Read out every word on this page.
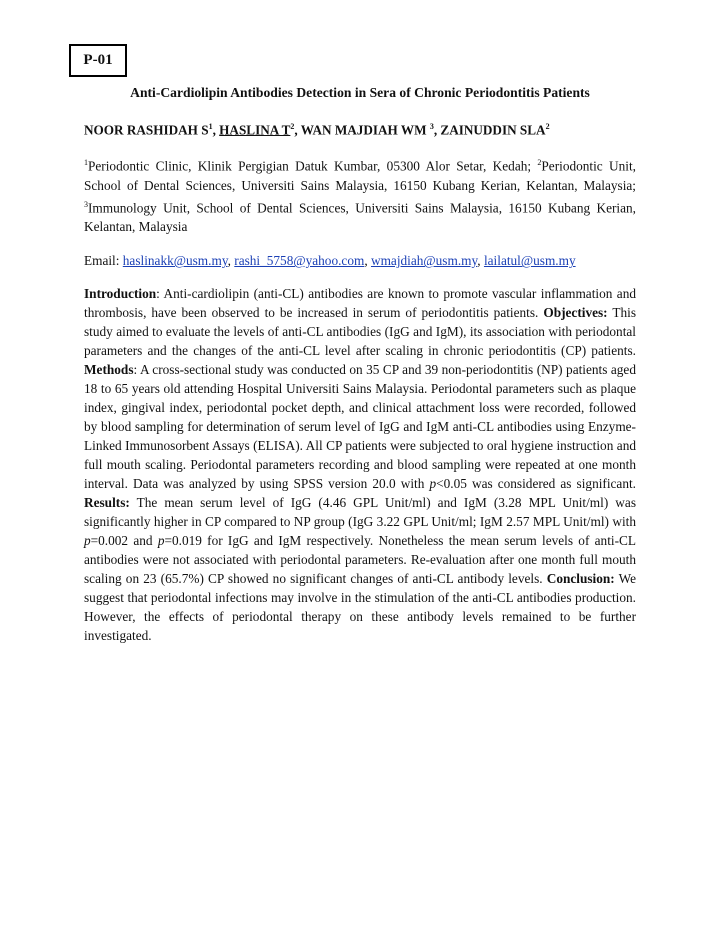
P-01

Anti-Cardiolipin Antibodies Detection in Sera of Chronic Periodontitis Patients

NOOR RASHIDAH $S^1$, HASLINA $T^2$, WAN MAJDIAH WM $^3$, ZAINUDDIN SLA$^2$
$^1$Periodontic Clinic, Klinik Pergigian Datuk Kumbar, 05300 Alor Setar, Kedah; $^2$Periodontic Unit, School of Dental Sciences, Universiti Sains Malaysia, 16150 Kubang Kerian, Kelantan, Malaysia; $^3$Immunology Unit, School of Dental Sciences, Universiti Sains Malaysia, 16150 Kubang Kerian, Kelantan, Malaysia
Email: haslinakk@usm.my, rashi_5758@yahoo.com, wmajdiah@usm.my, lailatul@usm.my
Introduction: Anti-cardiolipin (anti-CL) antibodies are known to promote vascular inflammation and thrombosis, have been observed to be increased in serum of periodontitis patients. Objectives: This study aimed to evaluate the levels of anti-CL antibodies (IgG and IgM), its association with periodontal parameters and the changes of the anti-CL level after scaling in chronic periodontitis (CP) patients. Methods: A cross-sectional study was conducted on 35 CP and 39 non-periodontitis (NP) patients aged 18 to 65 years old attending Hospital Universiti Sains Malaysia. Periodontal parameters such as plaque index, gingival index, periodontal pocket depth, and clinical attachment loss were recorded, followed by blood sampling for determination of serum level of IgG and IgM anti-CL antibodies using Enzyme-Linked Immunosorbent Assays (ELISA). All CP patients were subjected to oral hygiene instruction and full mouth scaling. Periodontal parameters recording and blood sampling were repeated at one month interval. Data was analyzed by using SPSS version 20.0 with p<0.05 was considered as significant. Results: The mean serum level of IgG (4.46 GPL Unit/ml) and IgM (3.28 MPL Unit/ml) was significantly higher in CP compared to NP group (IgG 3.22 GPL Unit/ml; IgM 2.57 MPL Unit/ml) with p=0.002 and p=0.019 for IgG and IgM respectively. Nonetheless the mean serum levels of anti-CL antibodies were not associated with periodontal parameters. Re-evaluation after one month full mouth scaling on 23 (65.7%) CP showed no significant changes of anti-CL antibody levels. Conclusion: We suggest that periodontal infections may involve in the stimulation of the anti-CL antibodies production. However, the effects of periodontal therapy on these antibody levels remained to be further investigated.
